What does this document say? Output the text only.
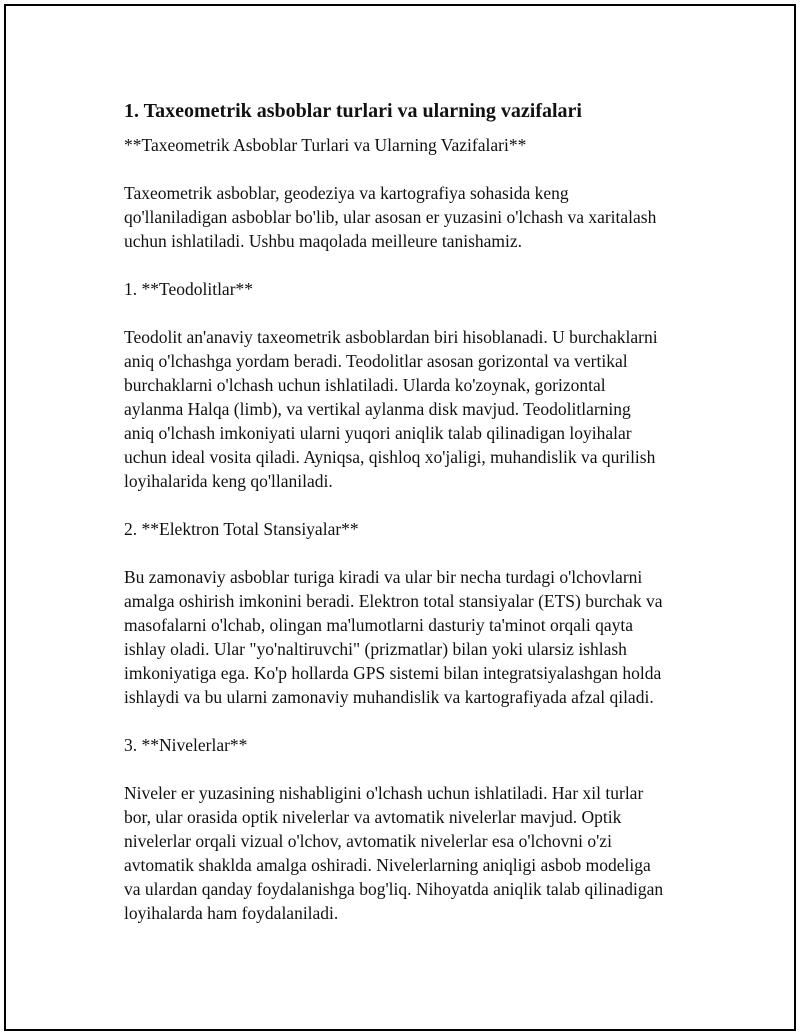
1. Taxeometrik asboblar turlari va ularning vazifalari
**Taxeometrik Asboblar Turlari va Ularning Vazifalari**
Taxeometrik asboblar, geodeziya va kartografiya sohasida keng
qo'llaniladigan asboblar bo'lib, ular asosan er yuzasini o'lchash va xaritalash
uchun ishlatiladi. Ushbu maqolada meilleure tanishamiz.
1. **Teodolitlar**
Teodolit an'anaviy taxeometrik asboblardan biri hisoblanadi. U burchaklarni
aniq o'lchashga yordam beradi. Teodolitlar asosan gorizontal va vertikal
burchaklarni o'lchash uchun ishlatiladi. Ularda ko'zoynak, gorizontal
aylanma Halqa (limb), va vertikal aylanma disk mavjud. Teodolitlarning
aniq o'lchash imkoniyati ularni yuqori aniqlik talab qilinadigan loyihalar
uchun ideal vosita qiladi. Ayniqsa, qishloq xo'jaligi, muhandislik va qurilish
loyihalarida keng qo'llaniladi.
2. **Elektron Total Stansiyalar**
Bu zamonaviy asboblar turiga kiradi va ular bir necha turdagi o'lchovlarni
amalga oshirish imkonini beradi. Elektron total stansiyalar (ETS) burchak va
masofalarni o'lchab, olingan ma'lumotlarni dasturiy ta'minot orqali qayta
ishlay oladi. Ular "yo'naltiruvchi" (prizmatlar) bilan yoki ularsiz ishlash
imkoniyatiga ega. Ko'p hollarda GPS sistemi bilan integratsiyalashgan holda
ishlaydi va bu ularni zamonaviy muhandislik va kartografiyada afzal qiladi.
3. **Nivelerlar**
Niveler er yuzasining nishabligini o'lchash uchun ishlatiladi. Har xil turlar
bor, ular orasida optik nivelerlar va avtomatik nivelerlar mavjud. Optik
nivelerlar orqali vizual o'lchov, avtomatik nivelerlar esa o'lchovni o'zi
avtomatik shaklda amalga oshiradi. Nivelerlarning aniqligi asbob modeliga
va ulardan qanday foydalanishga bog'liq. Nihoyatda aniqlik talab qilinadigan
loyihalarda ham foydalaniladi.
